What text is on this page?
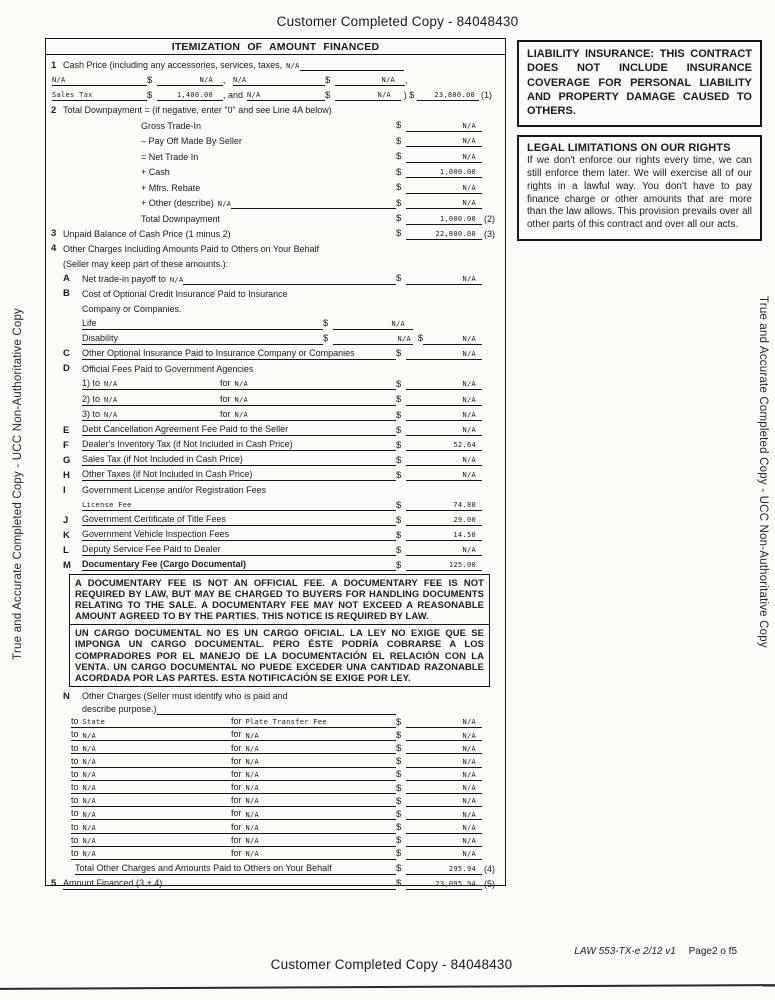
Customer Completed Copy - 84048430
ITEMIZATION OF AMOUNT FINANCED
1 Cash Price (including any accessories, services, taxes, N/A
N/A	$	N/A	,	N/A	$	N/A	,
Sales Tax	$	1,400.00	, and N/A	$	N/A	) $	23,800.00 (1)
2 Total Downpayment = (if negative, enter "0" and see Line 4A below)
Gross Trade-In	$	N/A
– Pay Off Made By Seller	$	N/A
= Net Trade In	$	N/A
+ Cash	$	1,000.00
+ Mfrs. Rebate	$	N/A
+ Other (describe) N/A	$	N/A
Total Downpayment	$	1,000.00 (2)
3 Unpaid Balance of Cash Price (1 minus 2)	$	22,800.00 (3)
4 Other Charges Including Amounts Paid to Others on Your Behalf
(Seller may keep part of these amounts.):
A	Net trade-in payoff to N/A	$	N/A
B	Cost of Optional Credit Insurance Paid to Insurance
Company or Companies.
Life	$	N/A
Disability	$	N/A $	N/A
C	Other Optional Insurance Paid to Insurance Company or Companies	$	N/A
D	Official Fees Paid to Government Agencies
1) to N/A	for N/A	$	N/A
2) to N/A	for N/A	$	N/A
3) to N/A	for N/A	$	N/A
E	Debt Cancellation Agreement Fee Paid to the Seller	$	N/A
F	Dealer's Inventory Tax (if Not Included in Cash Price)	$	52.64
G	Sales Tax (if Not Included in Cash Price)	$	N/A
H	Other Taxes (if Not Included in Cash Price)	$	N/A
I	Government License and/or Registration Fees
License Fee	$	74.80
J	Government Certificate of Title Fees	$	29.00
K	Government Vehicle Inspection Fees	$	14.50
L	Deputy Service Fee Paid to Dealer	$	N/A
M	Documentary Fee (Cargo Documental)	$	125.00
A DOCUMENTARY FEE IS NOT AN OFFICIAL FEE. A DOCUMENTARY FEE IS NOT REQUIRED BY LAW, BUT MAY BE CHARGED TO BUYERS FOR HANDLING DOCUMENTS RELATING TO THE SALE. A DOCUMENTARY FEE MAY NOT EXCEED A REASONABLE AMOUNT AGREED TO BY THE PARTIES. THIS NOTICE IS REQUIRED BY LAW.
UN CARGO DOCUMENTAL NO ES UN CARGO OFICIAL. LA LEY NO EXIGE QUE SE IMPONGA UN CARGO DOCUMENTAL. PERO ÉSTE PODRÍA COBRARSE A LOS COMPRADORES POR EL MANEJO DE LA DOCUMENTACIÓN EL RELACIÓN CON LA VENTA. UN CARGO DOCUMENTAL NO PUEDE EXCEDER UNA CANTIDAD RAZONABLE ACORDADA POR LAS PARTES. ESTA NOTIFICACIÓN SE EXIGE POR LEY.
N	Other Charges (Seller must identify who is paid and
describe purpose.)
to State	for Plate Transfer Fee	$	N/A
to N/A	for N/A	$	N/A
to N/A	for N/A	$	N/A
to N/A	for N/A	$	N/A
to N/A	for N/A	$	N/A
to N/A	for N/A	$	N/A
to N/A	for N/A	$	N/A
to N/A	for N/A	$	N/A
to N/A	for N/A	$	N/A
to N/A	for N/A	$	N/A
to N/A	for N/A	$	N/A
Total Other Charges and Amounts Paid to Others on Your Behalf	$	295.94 (4)
5 Amount Financed (3 + 4)	$	23,095.94 (5)
LIABILITY INSURANCE: THIS CONTRACT DOES NOT INCLUDE INSURANCE COVERAGE FOR PERSONAL LIABILITY AND PROPERTY DAMAGE CAUSED TO OTHERS.
LEGAL LIMITATIONS ON OUR RIGHTS

If we don't enforce our rights every time, we can still enforce them later. We will exercise all of our rights in a lawful way. You don't have to pay finance charge or other amounts that are more than the law allows. This provision prevails over all other parts of this contract and over all our acts.

True and Accurate Completed Copy - UCC Non-Authoritative Copy	True and Accurate Completed Copy - UCC Non-Authoritative Copy
LAW 553-TX-e 2/12 v1 Page2 o f5
Customer Completed Copy - 84048430
